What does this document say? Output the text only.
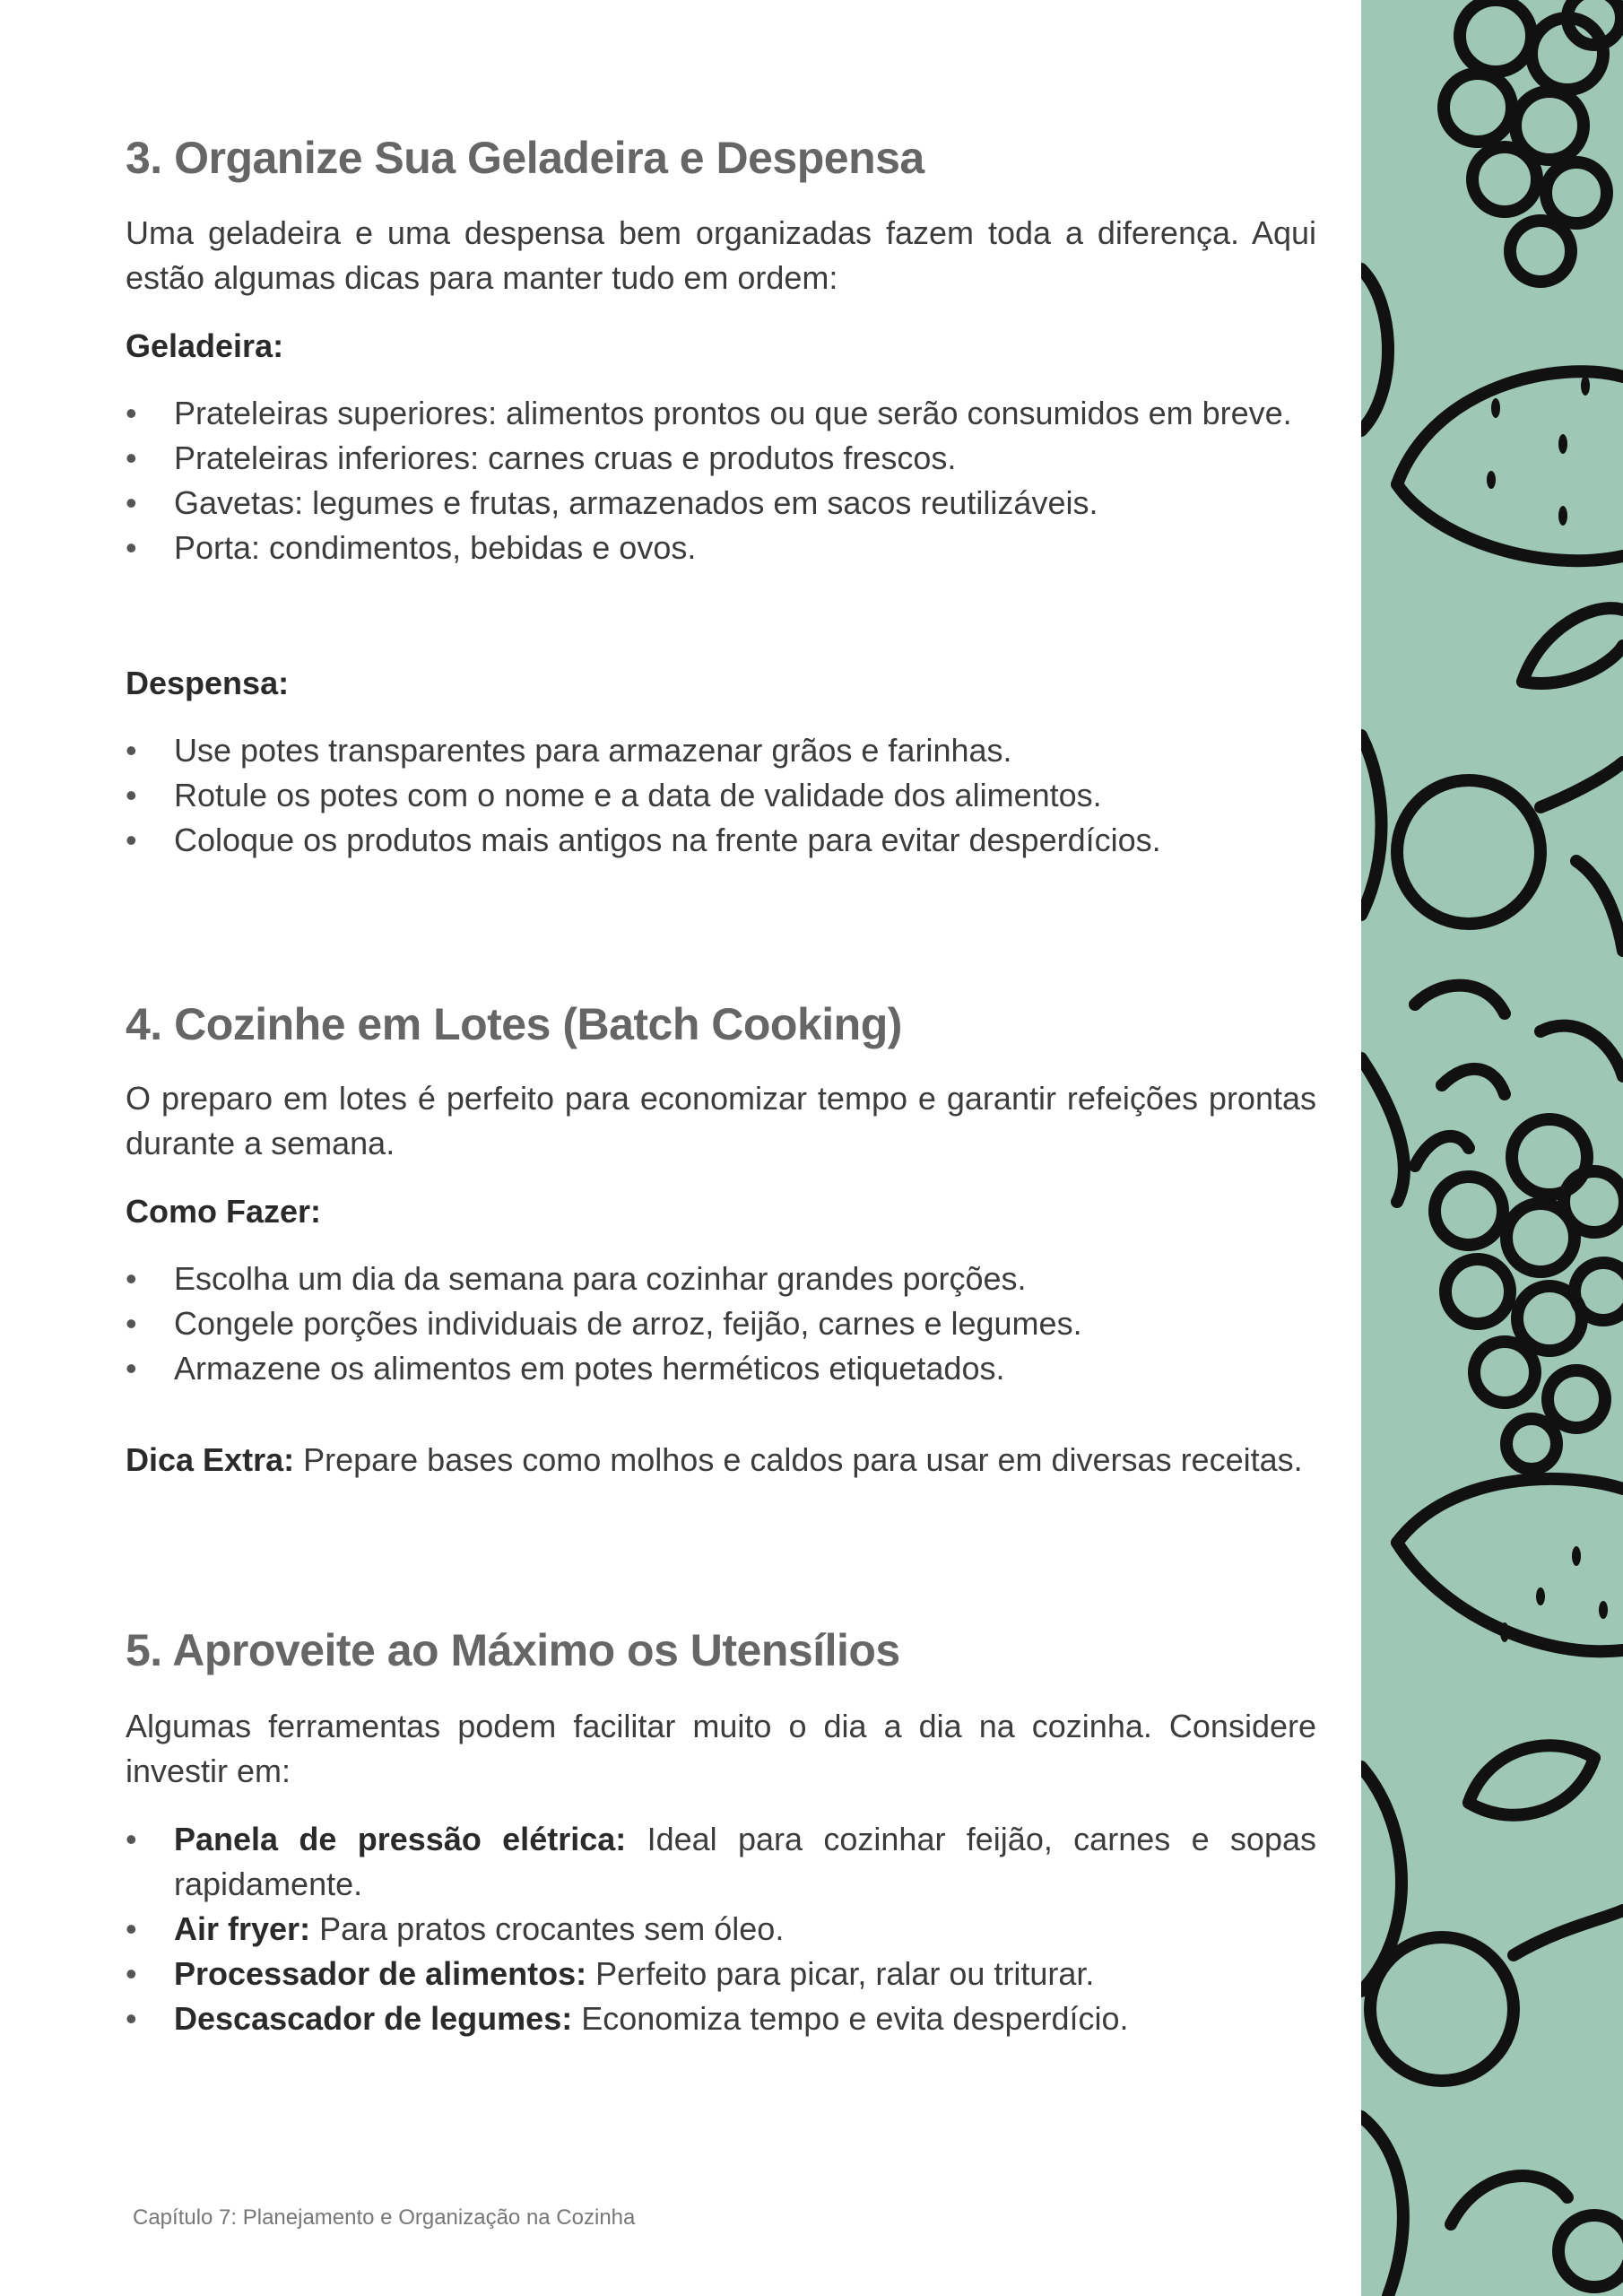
3. Organize Sua Geladeira e Despensa

Uma geladeira e uma despensa bem organizadas fazem toda a diferença. Aqui estão algumas dicas para manter tudo em ordem:

Geladeira:
• Prateleiras superiores: alimentos prontos ou que serão consumidos em breve.
• Prateleiras inferiores: carnes cruas e produtos frescos.
• Gavetas: legumes e frutas, armazenados em sacos reutilizáveis.
• Porta: condimentos, bebidas e ovos.
Despensa:
• Use potes transparentes para armazenar grãos e farinhas.
• Rotule os potes com o nome e a data de validade dos alimentos.
• Coloque os produtos mais antigos na frente para evitar desperdícios.
4. Cozinhe em Lotes (Batch Cooking)

O preparo em lotes é perfeito para economizar tempo e garantir refeições prontas durante a semana.

Como Fazer:
• Escolha um dia da semana para cozinhar grandes porções.
• Congele porções individuais de arroz, feijão, carnes e legumes.
• Armazene os alimentos em potes herméticos etiquetados.

Dica Extra: Prepare bases como molhos e caldos para usar em diversas receitas.

5. Aproveite ao Máximo os Utensílios

Algumas ferramentas podem facilitar muito o dia a dia na cozinha. Considere investir em:

• Panela de pressão elétrica: Ideal para cozinhar feijão, carnes e sopas rapidamente.
• Air fryer: Para pratos crocantes sem óleo.
• Processador de alimentos: Perfeito para picar, ralar ou triturar.
• Descascador de legumes: Economiza tempo e evita desperdício.
Capítulo 7: Planejamento e Organização na Cozinha
